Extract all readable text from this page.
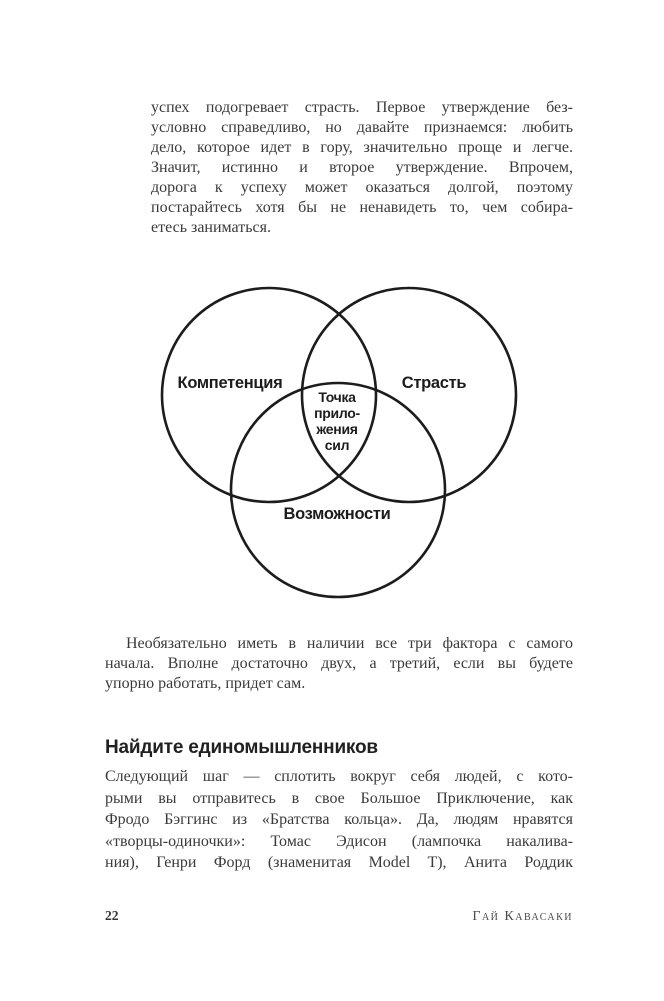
успех подогревает страсть. Первое утверждение без-
условно справедливо, но давайте признаемся: любить
дело, которое идет в гору, значительно проще и легче.
Значит, истинно и второе утверждение. Впрочем,
дорога к успеху может оказаться долгой, поэтому
постарайтесь хотя бы не ненавидеть то, чем собира-
етесь заниматься.
Компетенция	Страсть
Возможности
Точка
прило-
жения
сил
Необязательно иметь в наличии все три фактора с самого
начала. Вполне достаточно двух, а третий, если вы будете
упорно работать, придет сам.
Найдите единомышленников
Следующий шаг — сплотить вокруг себя людей, с кото-
рыми вы отправитесь в свое Большое Приключение, как
Фродо Бэггинс из «Братства кольца». Да, людям нравятся
«творцы-одиночки»: Томас Эдисон (лампочка накалива-
ния), Генри Форд (знаменитая Model T), Анита Роддик
22	Гай Кавасаки
